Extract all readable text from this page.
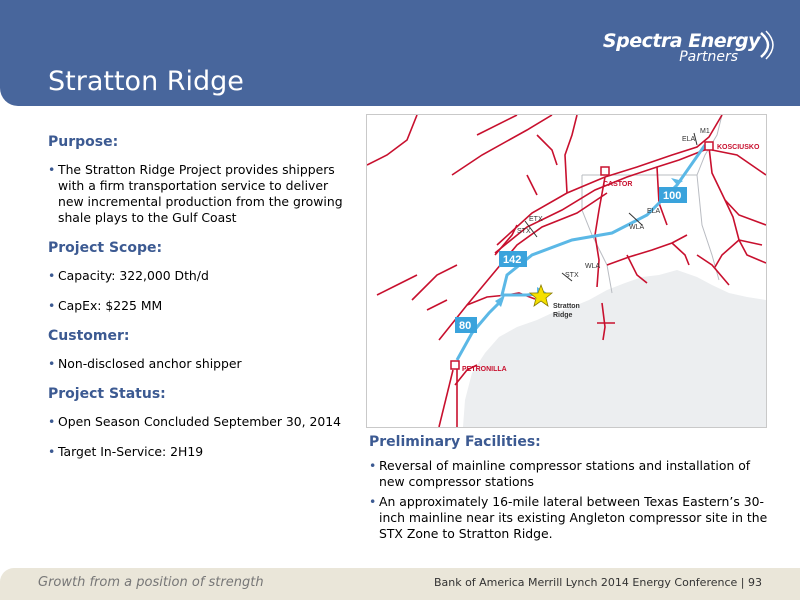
Stratton Ridge
Spectra Energy
Partners
Purpose:
• The Stratton Ridge Project provides shippers with a firm transportation service to deliver new incremental production from the growing shale plays to the Gulf Coast
Project Scope:
• Capacity: 322,000 Dth/d
• CapEx: $225 MM
Customer:
• Non-disclosed anchor shipper
Project Status:
• Open Season Concluded September 30, 2014
• Target In-Service: 2H19
KOSCIUSKO
M1
ELA
CASTOR
ELA
WLA
ETX
STX
STX
WLA
Stratton
Ridge
PETRONILLA
100
142
80
Preliminary Facilities:
• Reversal of mainline compressor stations and installation of new compressor stations
• An approximately 16-mile lateral between Texas Eastern’s 30-inch mainline near its existing Angleton compressor site in the STX Zone to Stratton Ridge.
Growth from a position of strength	Bank of America Merrill Lynch 2014 Energy Conference | 93
